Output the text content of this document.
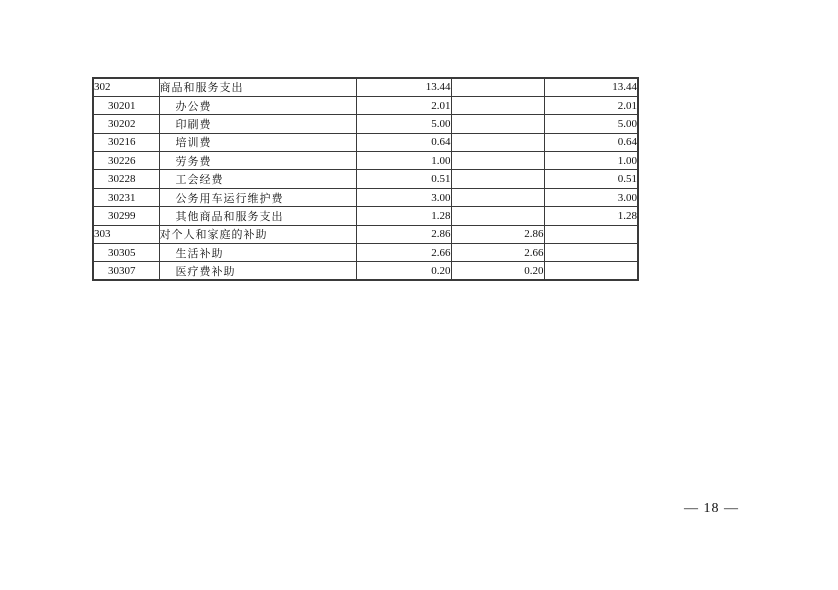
302	商品和服务支出	13.44		13.44
30201	办公费	2.01		2.01
30202	印刷费	5.00		5.00
30216	培训费	0.64		0.64
30226	劳务费	1.00		1.00
30228	工会经费	0.51		0.51
30231	公务用车运行维护费	3.00		3.00
30299	其他商品和服务支出	1.28		1.28
303	对个人和家庭的补助	2.86	2.86	
30305	生活补助	2.66	2.66	
30307	医疗费补助	0.20	0.20	
— 18 —
